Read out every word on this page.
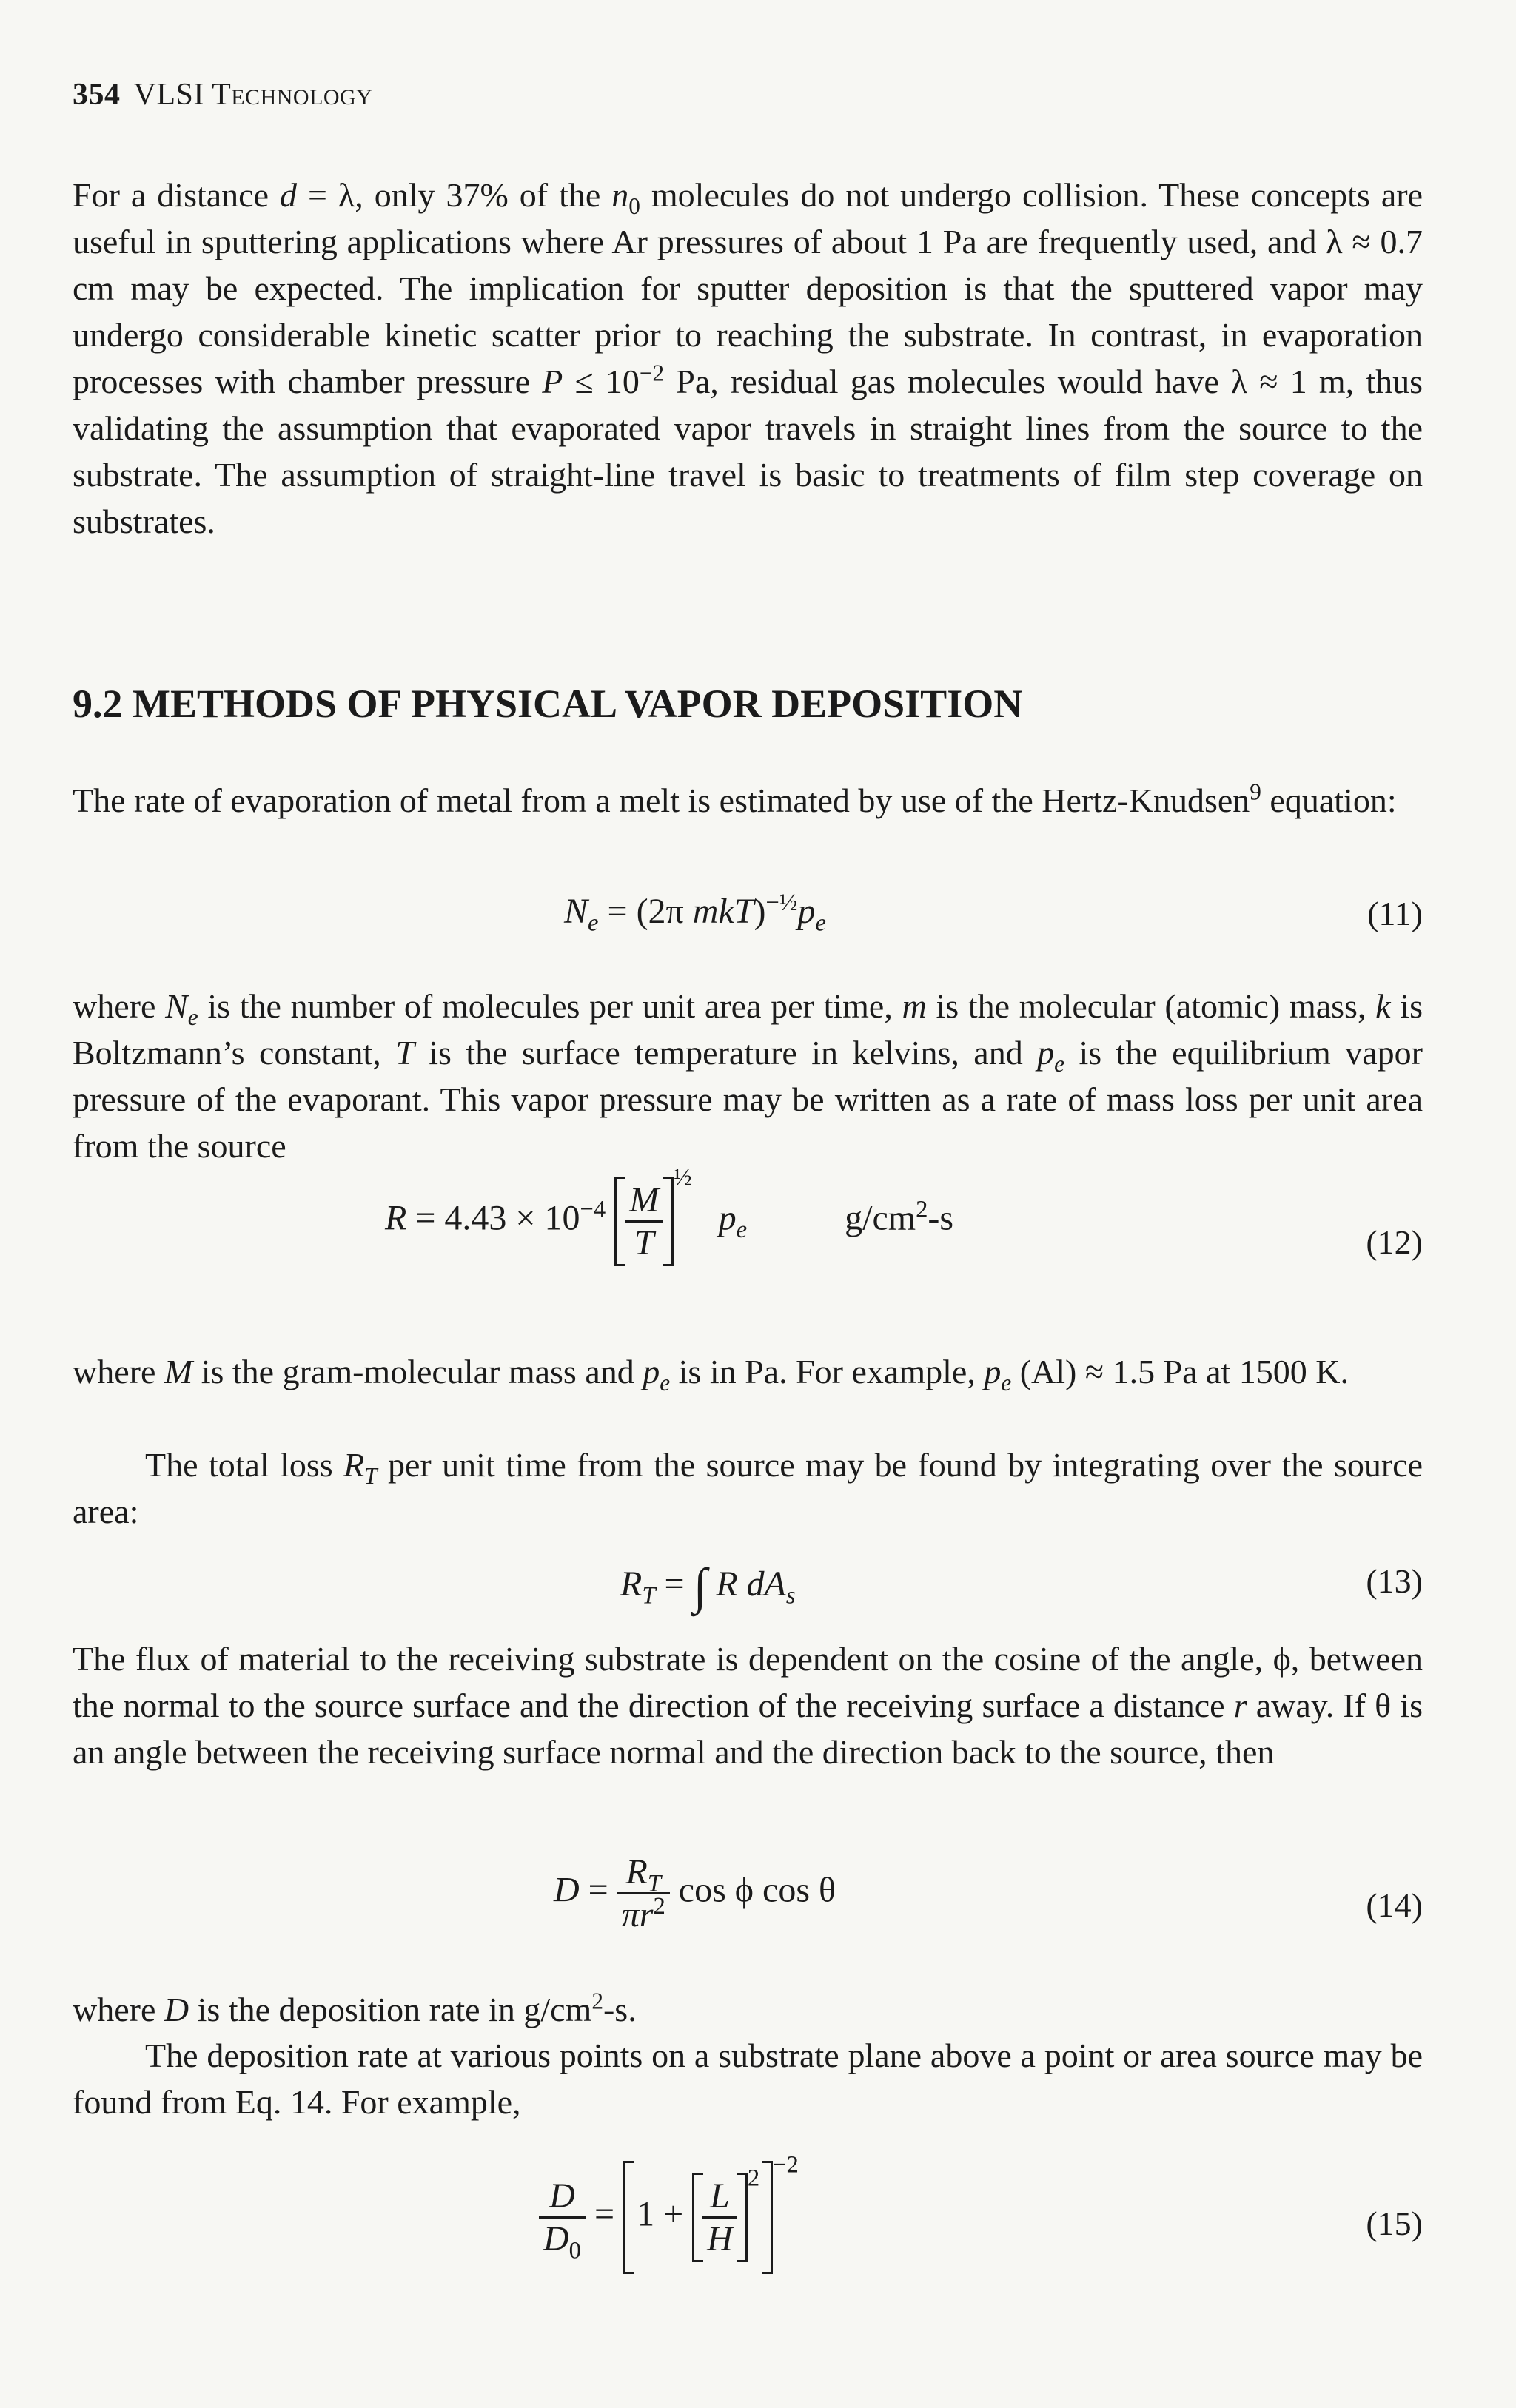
354 VLSI TECHNOLOGY

For a distance d = λ, only 37% of the $n_0$ molecules do not undergo collision. These concepts are useful in sputtering applications where Ar pressures of about 1 Pa are frequently used, and λ ≈ 0.7 cm may be expected. The implication for sputter deposition is that the sputtered vapor may undergo considerable kinetic scatter prior to reaching the substrate. In contrast, in evaporation processes with chamber pressure $P \le 10^{-2}$ Pa, residual gas molecules would have λ ≈ 1 m, thus validating the assumption that evaporated vapor travels in straight lines from the source to the substrate. The assumption of straight-line travel is basic to treatments of film step coverage on substrates.

9.2 METHODS OF PHYSICAL VAPOR DEPOSITION

The rate of evaporation of metal from a melt is estimated by use of the Hertz-Knudsen$^9$ equation:

$N_e = (2\pi$ $mkT)^{-\frac{1}{2}}p_e$	(11)

where $N_e$ is the number of molecules per unit area per time, m is the molecular (atomic) mass, k is Boltzmann’s constant, T is the surface temperature in kelvins, and $p_e$ is the equilibrium vapor pressure of the evaporant. This vapor pressure may be written as a rate of mass loss per unit area from the source

$R = 4.43 \times 10^{-4} \frac{M}{T}$
$^{\frac{1}{2}}$ $p_e$	$g/cm^2-s$
(12)

where M is the gram-molecular mass and $p_e$ is in Pa. For example, $p_e$ (Al) ≈ 1.5 Pa at 1500 K.

The total loss $R_T$ per unit time from the source may be found by integrating over the source area:

$R_T$ = ∫ R $dA_s$	(13)

The flux of material to the receiving substrate is dependent on the cosine of the angle, ϕ, between the normal to the source surface and the direction of the receiving surface a distance r away. If θ is an angle between the receiving surface normal and the direction back to the source, then

$D = \frac{R_T}{\pi r^2}$ cos ϕ cos θ	(14)

where D is the deposition rate in $g/cm^2-s$.

The deposition rate at various points on a substrate plane above a point or area source may be found from Eq. 14. For example,

$\frac{D}{D_0} = 1 + \frac{L}{H} ^2$ $^{-2}$
(15)
